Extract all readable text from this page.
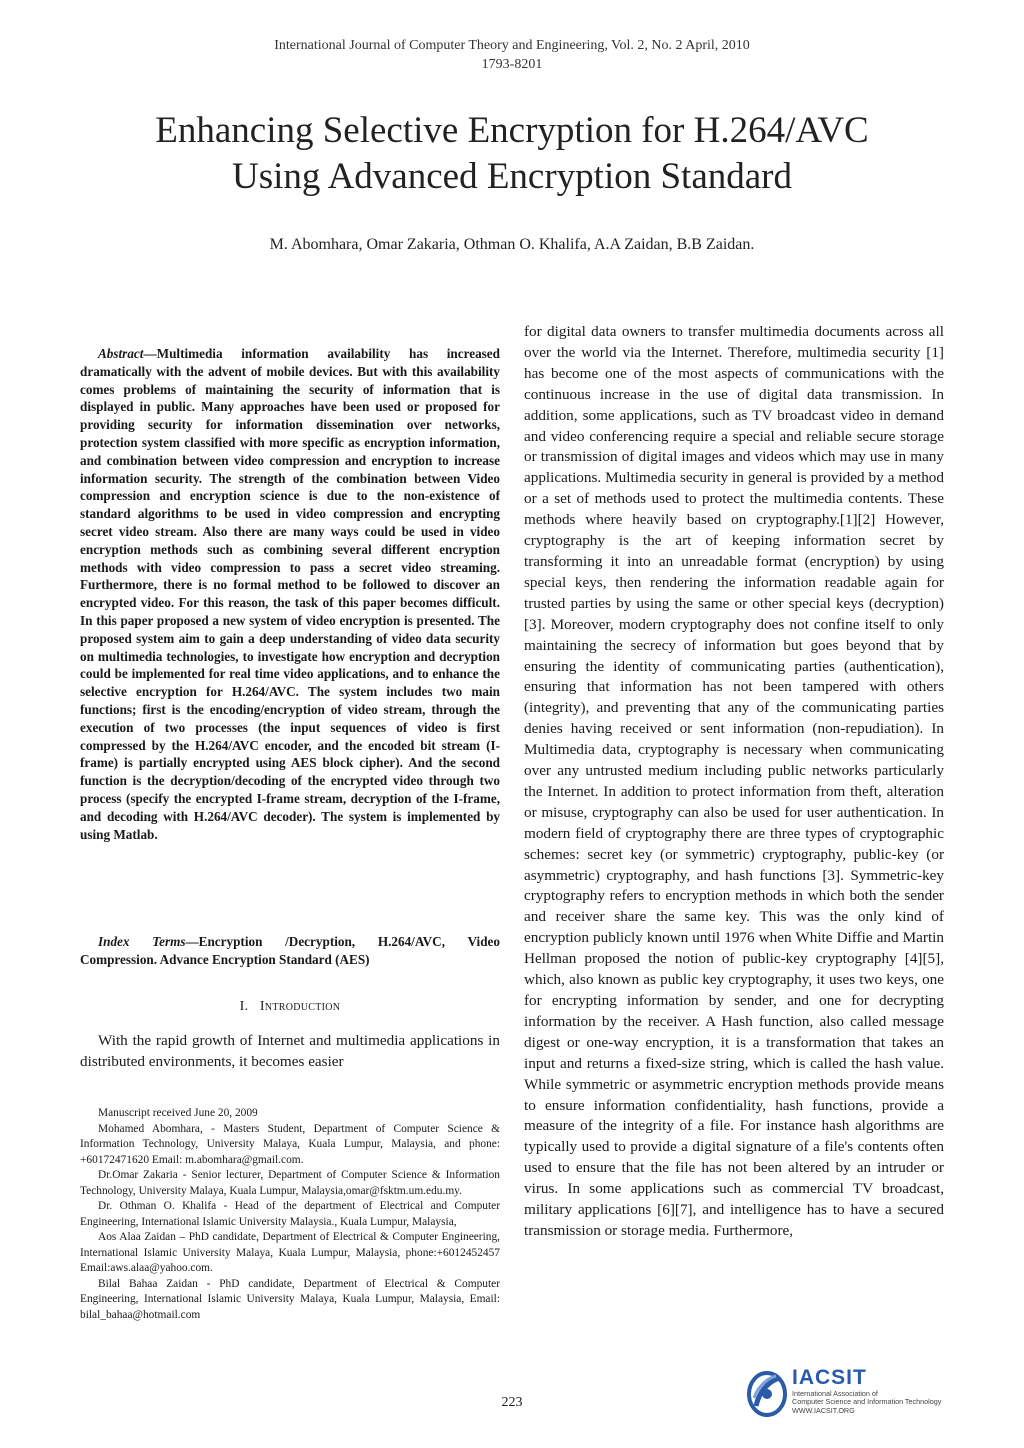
International Journal of Computer Theory and Engineering, Vol. 2, No. 2 April, 2010
1793-8201
Enhancing Selective Encryption for H.264/AVC
Using Advanced Encryption Standard
M. Abomhara, Omar Zakaria, Othman O. Khalifa, A.A Zaidan, B.B Zaidan.

Abstract—Multimedia information availability has increased dramatically with the advent of mobile devices. But with this availability comes problems of maintaining the security of information that is displayed in public. Many approaches have been used or proposed for providing security for information dissemination over networks, protection system classified with more specific as encryption information, and combination between video compression and encryption to increase information security. The strength of the combination between Video compression and encryption science is due to the non-existence of standard algorithms to be used in video compression and encrypting secret video stream. Also there are many ways could be used in video encryption methods such as combining several different encryption methods with video compression to pass a secret video streaming. Furthermore, there is no formal method to be followed to discover an encrypted video. For this reason, the task of this paper becomes difficult. In this paper proposed a new system of video encryption is presented. The proposed system aim to gain a deep understanding of video data security on multimedia technologies, to investigate how encryption and decryption could be implemented for real time video applications, and to enhance the selective encryption for H.264/AVC. The system includes two main functions; first is the encoding/encryption of video stream, through the execution of two processes (the input sequences of video is first compressed by the H.264/AVC encoder, and the encoded bit stream (I-frame) is partially encrypted using AES block cipher). And the second function is the decryption/decoding of the encrypted video through two process (specify the encrypted I-frame stream, decryption of the I-frame, and decoding with H.264/AVC decoder). The system is implemented by using Matlab.

Index Terms—Encryption /Decryption, H.264/AVC, Video Compression. Advance Encryption Standard (AES)

I. Introduction

With the rapid growth of Internet and multimedia applications in distributed environments, it becomes easier

Manuscript received June 20, 2009

Mohamed Abomhara, - Masters Student, Department of Computer Science & Information Technology, University Malaya, Kuala Lumpur, Malaysia, and phone: +60172471620 Email: m.abomhara@gmail.com.

Dr.Omar Zakaria - Senior lecturer, Department of Computer Science & Information Technology, University Malaya, Kuala Lumpur, Malaysia,omar@fsktm.um.edu.my.

Dr. Othman O. Khalifa - Head of the department of Electrical and Computer Engineering, International Islamic University Malaysia., Kuala Lumpur, Malaysia,

Aos Alaa Zaidan – PhD candidate, Department of Electrical & Computer Engineering, International Islamic University Malaya, Kuala Lumpur, Malaysia, phone:+6012452457 Email:aws.alaa@yahoo.com.

Bilal Bahaa Zaidan - PhD candidate, Department of Electrical & Computer Engineering, International Islamic University Malaya, Kuala Lumpur, Malaysia, Email: bilal_bahaa@hotmail.com

for digital data owners to transfer multimedia documents across all over the world via the Internet. Therefore, multimedia security [1] has become one of the most aspects of communications with the continuous increase in the use of digital data transmission. In addition, some applications, such as TV broadcast video in demand and video conferencing require a special and reliable secure storage or transmission of digital images and videos which may use in many applications. Multimedia security in general is provided by a method or a set of methods used to protect the multimedia contents. These methods where heavily based on cryptography.[1][2] However, cryptography is the art of keeping information secret by transforming it into an unreadable format (encryption) by using special keys, then rendering the information readable again for trusted parties by using the same or other special keys (decryption)[3]. Moreover, modern cryptography does not confine itself to only maintaining the secrecy of information but goes beyond that by ensuring the identity of communicating parties (authentication), ensuring that information has not been tampered with others (integrity), and preventing that any of the communicating parties denies having received or sent information (non-repudiation). In Multimedia data, cryptography is necessary when communicating over any untrusted medium including public networks particularly the Internet. In addition to protect information from theft, alteration or misuse, cryptography can also be used for user authentication. In modern field of cryptography there are three types of cryptographic schemes: secret key (or symmetric) cryptography, public-key (or asymmetric) cryptography, and hash functions [3]. Symmetric-key cryptography refers to encryption methods in which both the sender and receiver share the same key. This was the only kind of encryption publicly known until 1976 when White Diffie and Martin Hellman proposed the notion of public-key cryptography [4][5], which, also known as public key cryptography, it uses two keys, one for encrypting information by sender, and one for decrypting information by the receiver. A Hash function, also called message digest or one-way encryption, it is a transformation that takes an input and returns a fixed-size string, which is called the hash value. While symmetric or asymmetric encryption methods provide means to ensure information confidentiality, hash functions, provide a measure of the integrity of a file. For instance hash algorithms are typically used to provide a digital signature of a file's contents often used to ensure that the file has not been altered by an intruder or virus. In some applications such as commercial TV broadcast, military applications [6][7], and intelligence has to have a secured transmission or storage media. Furthermore,

223
IACSIT
International Association of
Computer Science and Information Technology
WWW.IACSIT.ORG
